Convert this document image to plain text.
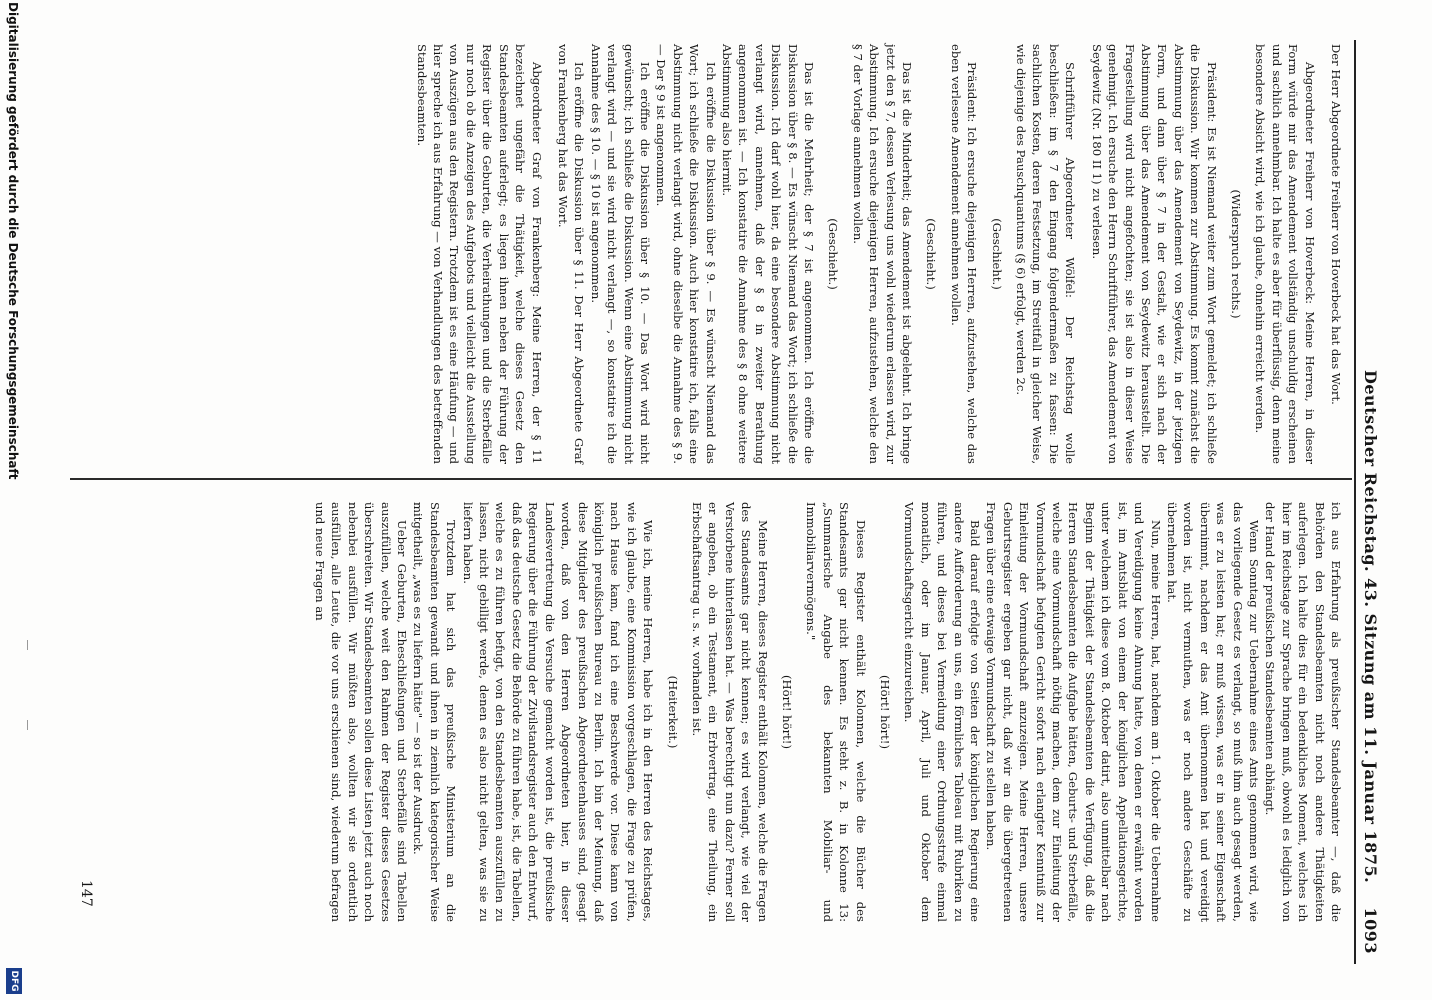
Deutscher Reichstag. 43. Sitzung am 11. Januar 1875.
1093

Der Herr Abgeordnete Freiherr von Hoverbeck hat das Wort.

Abgeordneter Freiherr von Hoverbeck: Meine Herren, in dieser Form würde mir das Amendement vollständig unschuldig erscheinen und sachlich annehmbar. Ich halte es aber für überflüssig, denn meine besondere Absicht wird, wie ich glaube, ohnehin erreicht werden.

(Widerspruch rechts.)

Präsident: Es ist Niemand weiter zum Wort gemeldet; ich schließe die Diskussion. Wir kommen zur Abstimmung. Es kommt zunächst die Abstimmung über das Amendement von Seydewitz, in der jetzigen Form, und dann über § 7 in der Gestalt, wie er sich nach der Abstimmung über das Amendement von Seydewitz herausstellt. Die Fragestellung wird nicht angefochten; sie ist also in dieser Weise genehmigt. Ich ersuche den Herrn Schriftführer, das Amendement von Seydewitz (Nr. 180 II 1) zu verlesen.

Schriftführer Abgeordneter Wölfel: Der Reichstag wolle beschließen: im § 7 den Eingang folgendermaßen zu fassen: Die sachlichen Kosten, deren Festsetzung, im Streitfall in gleicher Weise, wie diejenige des Pauschquantums (§ 6) erfolgt, werden 2c.

(Geschieht.)

Präsident: Ich ersuche diejenigen Herren, aufzustehen, welche das eben verlesene Amendement annehmen wollen.

(Geschieht.)

Das ist die Minderheit; das Amendement ist abgelehnt. Ich bringe jetzt den § 7, dessen Verlesung uns wohl wiederum erlassen wird, zur Abstimmung. Ich ersuche diejenigen Herren, aufzustehen, welche den § 7 der Vorlage annehmen wollen.

(Geschieht.)

Das ist die Mehrheit; der § 7 ist angenommen. Ich eröffne die Diskussion über § 8. — Es wünscht Niemand das Wort; ich schließe die Diskussion. Ich darf wohl hier, da eine besondere Abstimmung nicht verlangt wird, annehmen, daß der § 8 in zweiter Berathung angenommen ist. — Ich konstatire die Annahme des § 8 ohne weitere Abstimmung also hiermit.

Ich eröffne die Diskussion über § 9. — Es wünscht Niemand das Wort; ich schließe die Diskussion. Auch hier konstatire ich, falls eine Abstimmung nicht verlangt wird, ohne dieselbe die Annahme des § 9. — Der § 9 ist angenommen.

Ich eröffne die Diskussion über § 10. — Das Wort wird nicht gewünscht; ich schließe die Diskussion. Wenn eine Abstimmung nicht verlangt wird — und sie wird nicht verlangt —, so konstatire ich die Annahme des § 10. — § 10 ist angenommen.

Ich eröffne die Diskussion über § 11. Der Herr Abgeordnete Graf von Frankenberg hat das Wort.

Abgeordneter Graf von Frankenberg: Meine Herren, der § 11 bezeichnet ungefähr die Thätigkeit, welche dieses Gesetz den Standesbeamten auferlegt; es liegen ihnen neben der Führung der Register über die Geburten, die Verheirathungen und die Sterbefälle nur noch ob die Anzeigen des Aufgebots und vielleicht die Ausstellung von Auszügen aus den Registern. Trotzdem ist es eine Häufung — und hier spreche ich aus Erfahrung — von Verhandlungen des betreffenden Standesbeamten.

ich aus Erfahrung als preußischer Standesbeamter —, daß die Behörden den Standesbeamten nicht noch andere Thätigkeiten auferlegen. Ich halte dies für ein bedenkliches Moment, welches ich hier im Reichstage zur Sprache bringen muß, obwohl es lediglich von der Hand der preußischen Standesbeamten abhängt.

Wenn Sonntag zur Uebernahme eines Amts genommen wird, wie das vorliegende Gesetz es verlangt, so muß ihm auch gesagt werden, was er zu leisten hat; er muß wissen, was er in seiner Eigenschaft übernimmt, nachdem er das Amt übernommen hat und vereidigt worden ist, nicht vermuthen, was er noch andere Geschäfte zu übernehmen hat.

Nun, meine Herren, hat, nachdem am 1. Oktober die Uebernahme und Vereidigung keine Ahnung hatte, von denen er erwähnt worden ist, im Amtsblatt von einem der königlichen Appellationsgerichte, unter welchem ich diese vom 8. Oktober datirt, also unmittelbar nach Beginn der Thätigkeit der Standesbeamten die Verfügung, daß die Herren Standesbeamten die Aufgabe hätten, Geburts- und Sterbefälle, welche eine Vormundschaft nöthig machen, dem zur Einleitung der Vormundschaft befugten Gericht sofort nach erlangter Kenntniß zur Einleitung der Vormundschaft anzuzeigen. Meine Herren, unsere Geburtsregister ergeben gar nicht, daß wir an die übergetretenen Fragen über eine etwaige Vormundschaft zu stellen haben.

Bald darauf erfolgte von Seiten der königlichen Regierung eine andere Aufforderung an uns, ein förmliches Tableau mit Rubriken zu führen, und dieses bei Vermeidung einer Ordnungsstrafe einmal monatlich, oder im Januar, April, Juli und Oktober dem Vormundschaftsgericht einzureichen.

(Hört! hört!)

Dieses Register enthält Kolonnen, welche die Bücher des Standesamts gar nicht kennen. Es steht z. B. in Kolonne 13: „Summarische Angabe des bekannten Mobiliar- und Immobiliarvermögens."

(Hört! hört!)

Meine Herren, dieses Register enthält Kolonnen, welche die Fragen des Standesamts gar nicht kennen; es wird verlangt, wie viel der Verstorbene hinterlassen hat. — Was berechtigt nun dazu? Ferner soll er angeben, ob ein Testament, ein Erbvertrag, eine Theilung, ein Erbschaftsantrag u. s. w. vorhanden ist.

(Heiterkeit.)

Wie ich, meine Herren, habe ich in den Herren des Reichstages, wie ich glaube, eine Kommission vorgeschlagen, die Frage zu prüfen, nach Hause kam, fand ich eine Beschwerde vor. Diese kann von königlich preußischen Bureau zu Berlin. Ich bin der Meinung, daß diese Mitglieder des preußischen Abgeordnetenhauses sind, gesagt worden, daß von den Herren Abgeordneten hier, in dieser Landesvertretung die Versuche gemacht worden ist, die preußische Regierung über die Führung der Zivilstandsregister auch den Entwurf, daß das deutsche Gesetz die Behörde zu führen habe, ist, die Tabellen, welche es zu führen befugt, von den Standesbeamten auszufüllen zu lassen, nicht gebilligt werde, denen es also nicht gelten, was sie zu liefern haben.

Trotzdem hat sich das preußische Ministerium an die Standesbeamten gewandt und ihnen in ziemlich kategorischer Weise mitgetheilt, „was es zu liefern hätte" — so ist der Ausdruck.

Ueber Geburten, Eheschließungen und Sterbefälle sind Tabellen auszufüllen, welche weit den Rahmen der Register dieses Gesetzes überschreiten. Wir Standesbeamten sollen diese Listen jetzt auch noch nebenbei ausfüllen. Wir müßten also, wollten wir sie ordentlich ausfüllen, alle Leute, die vor uns erschienen sind, wiederum befragen und neue Fragen an

147
Digitalisierung gefördert durch die Deutsche Forschungsgemeinschaft
DFG
